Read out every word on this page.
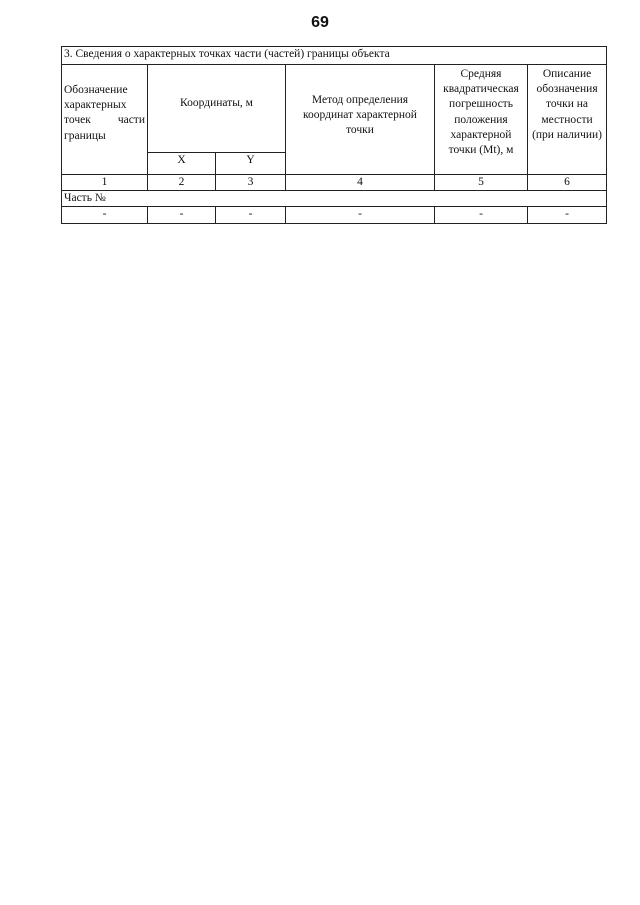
69
3. Сведения о характерных точках части (частей) границы объекта					
Обозначение характерных точек части границы	Координаты, м		Метод определения координат характерной точки	Средняя квадратическая погрешность положения характерной точки (Mt), м	Описание обозначения точки на местности (при наличии)
	X	Y			
1	2	3	4	5	6
Часть №					
-	-	-	-	-	-
